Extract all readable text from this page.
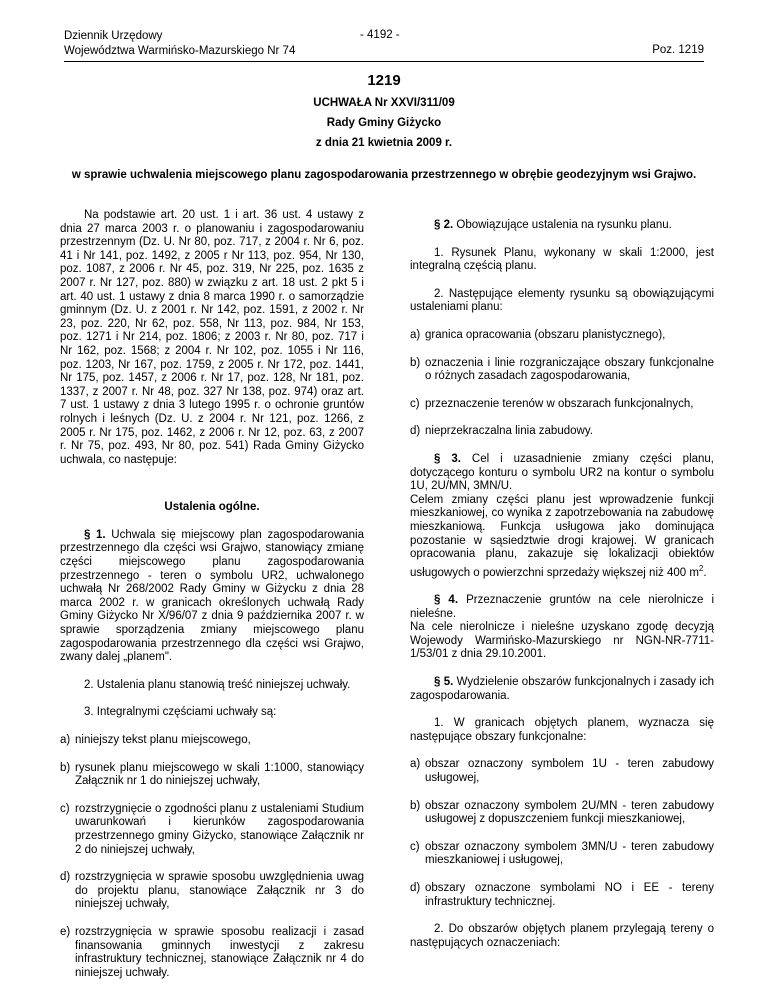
Dziennik Urzędowy
Województwa Warmińsko-Mazurskiego Nr 74
- 4192 -
Poz. 1219
1219
UCHWAŁA Nr XXVI/311/09
Rady Gminy Giżycko
z dnia 21 kwietnia 2009 r.
w sprawie uchwalenia miejscowego planu zagospodarowania przestrzennego w obrębie geodezyjnym wsi Grajwo.

Na podstawie art. 20 ust. 1 i art. 36 ust. 4 ustawy z dnia 27 marca 2003 r. o planowaniu i zagospodarowaniu przestrzennym (Dz. U. Nr 80, poz. 717, z 2004 r. Nr 6, poz. 41 i Nr 141, poz. 1492, z 2005 r Nr 113, poz. 954, Nr 130, poz. 1087, z 2006 r. Nr 45, poz. 319, Nr 225, poz. 1635 z 2007 r. Nr 127, poz. 880) w związku z art. 18 ust. 2 pkt 5 i art. 40 ust. 1 ustawy z dnia 8 marca 1990 r. o samorządzie gminnym (Dz. U. z 2001 r. Nr 142, poz. 1591, z 2002 r. Nr 23, poz. 220, Nr 62, poz. 558, Nr 113, poz. 984, Nr 153, poz. 1271 i Nr 214, poz. 1806; z 2003 r. Nr 80, poz. 717 i Nr 162, poz. 1568; z 2004 r. Nr 102, poz. 1055 i Nr 116, poz. 1203, Nr 167, poz. 1759, z 2005 r. Nr 172, poz. 1441, Nr 175, poz. 1457, z 2006 r. Nr 17, poz. 128, Nr 181, poz. 1337, z 2007 r. Nr 48, poz. 327 Nr 138, poz. 974) oraz art. 7 ust. 1 ustawy z dnia 3 lutego 1995 r. o ochronie gruntów rolnych i leśnych (Dz. U. z 2004 r. Nr 121, poz. 1266, z 2005 r. Nr 175, poz. 1462, z 2006 r. Nr 12, poz. 63, z 2007 r. Nr 75, poz. 493, Nr 80, poz. 541) Rada Gminy Giżycko uchwala, co następuje:

Ustalenia ogólne.

§ 1. Uchwala się miejscowy plan zagospodarowania przestrzennego dla części wsi Grajwo, stanowiący zmianę części miejscowego planu zagospodarowania przestrzennego - teren o symbolu UR2, uchwalonego uchwałą Nr 268/2002 Rady Gminy w Giżycku z dnia 28 marca 2002 r. w granicach określonych uchwałą Rady Gminy Giżycko Nr X/96/07 z dnia 9 października 2007 r. w sprawie sporządzenia zmiany miejscowego planu zagospodarowania przestrzennego dla części wsi Grajwo, zwany dalej „planem".

2. Ustalenia planu stanowią treść niniejszej uchwały.

3. Integralnymi częściami uchwały są:

a) niniejszy tekst planu miejscowego,
b) rysunek planu miejscowego w skali 1:1000, stanowiący Załącznik nr 1 do niniejszej uchwały,
c) rozstrzygnięcie o zgodności planu z ustaleniami Studium uwarunkowań i kierunków zagospodarowania przestrzennego gminy Giżycko, stanowiące Załącznik nr 2 do niniejszej uchwały,
d) rozstrzygnięcia w sprawie sposobu uwzględnienia uwag do projektu planu, stanowiące Załącznik nr 3 do niniejszej uchwały,
e) rozstrzygnięcia w sprawie sposobu realizacji i zasad finansowania gminnych inwestycji z zakresu infrastruktury technicznej, stanowiące Załącznik nr 4 do niniejszej uchwały.

§ 2. Obowiązujące ustalenia na rysunku planu.

1. Rysunek Planu, wykonany w skali 1:2000, jest integralną częścią planu.

2. Następujące elementy rysunku są obowiązującymi ustaleniami planu:

a) granica opracowania (obszaru planistycznego),
b) oznaczenia i linie rozgraniczające obszary funkcjonalne o różnych zasadach zagospodarowania,
c) przeznaczenie terenów w obszarach funkcjonalnych,
d) nieprzekraczalna linia zabudowy.

§ 3. Cel i uzasadnienie zmiany części planu, dotyczącego konturu o symbolu UR2 na kontur o symbolu 1U, 2U/MN, 3MN/U.

Celem zmiany części planu jest wprowadzenie funkcji mieszkaniowej, co wynika z zapotrzebowania na zabudowę mieszkaniową. Funkcja usługowa jako dominująca pozostanie w sąsiedztwie drogi krajowej. W granicach opracowania planu, zakazuje się lokalizacji obiektów usługowych o powierzchni sprzedaży większej niż 400 $m^2$.

§ 4. Przeznaczenie gruntów na cele nierolnicze i nieleśne.

Na cele nierolnicze i nieleśne uzyskano zgodę decyzją Wojewody Warmińsko-Mazurskiego nr NGN-NR-7711-1/53/01 z dnia 29.10.2001.

§ 5. Wydzielenie obszarów funkcjonalnych i zasady ich zagospodarowania.

1. W granicach objętych planem, wyznacza się następujące obszary funkcjonalne:

a) obszar oznaczony symbolem 1U - teren zabudowy usługowej,
b) obszar oznaczony symbolem 2U/MN - teren zabudowy usługowej z dopuszczeniem funkcji mieszkaniowej,
c) obszar oznaczony symbolem 3MN/U - teren zabudowy mieszkaniowej i usługowej,
d) obszary oznaczone symbolami NO i EE - tereny infrastruktury technicznej.

2. Do obszarów objętych planem przylegają tereny o następujących oznaczeniach:
